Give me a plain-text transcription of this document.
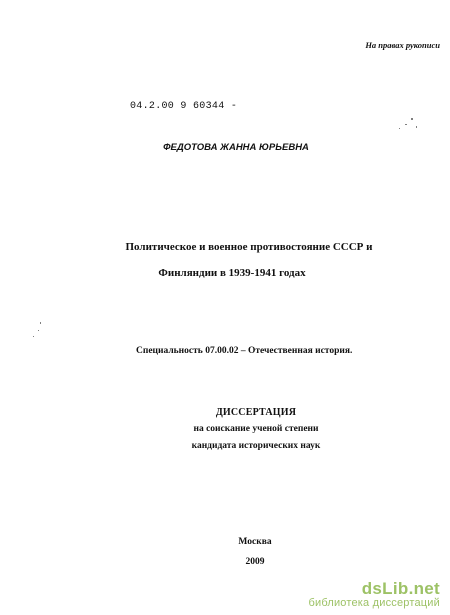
На правах рукописи
04.2.00 9 60344 -
ФЕДОТОВА ЖАННА ЮРЬЕВНА
Политическое и военное противостояние СССР и
Финляндии в 1939-1941 годах
Специальность 07.00.02 – Отечественная история.
ДИССЕРТАЦИЯ
на соискание ученой степени
кандидата исторических наук
Москва
2009
dsLib.net
библиотека диссертаций
